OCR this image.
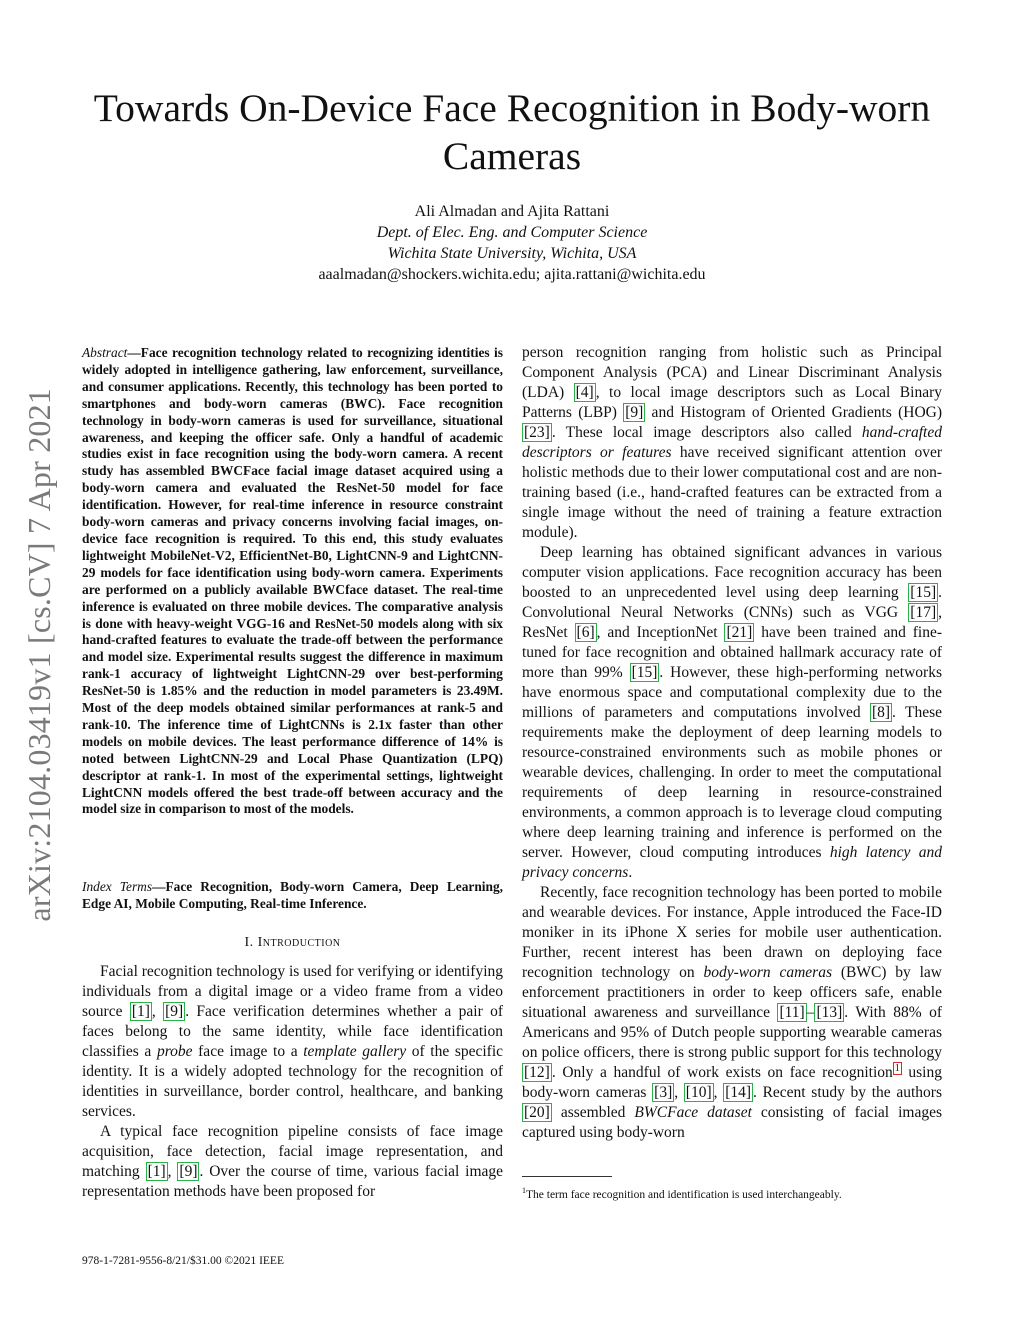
arXiv:2104.03419v1 [cs.CV] 7 Apr 2021
Towards On-Device Face Recognition in Body-worn Cameras
Ali Almadan and Ajita Rattani
Dept. of Elec. Eng. and Computer Science
Wichita State University, Wichita, USA
aaalmadan@shockers.wichita.edu; ajita.rattani@wichita.edu
Abstract—Face recognition technology related to recognizing identities is widely adopted in intelligence gathering, law enforcement, surveillance, and consumer applications. Recently, this technology has been ported to smartphones and body-worn cameras (BWC). Face recognition technology in body-worn cameras is used for surveillance, situational awareness, and keeping the officer safe. Only a handful of academic studies exist in face recognition using the body-worn camera. A recent study has assembled BWCFace facial image dataset acquired using a body-worn camera and evaluated the ResNet-50 model for face identification. However, for real-time inference in resource constraint body-worn cameras and privacy concerns involving facial images, on-device face recognition is required. To this end, this study evaluates lightweight MobileNet-V2, EfficientNet-B0, LightCNN-9 and LightCNN-29 models for face identification using body-worn camera. Experiments are performed on a publicly available BWCface dataset. The real-time inference is evaluated on three mobile devices. The comparative analysis is done with heavy-weight VGG-16 and ResNet-50 models along with six hand-crafted features to evaluate the trade-off between the performance and model size. Experimental results suggest the difference in maximum rank-1 accuracy of lightweight LightCNN-29 over best-performing ResNet-50 is 1.85% and the reduction in model parameters is 23.49M. Most of the deep models obtained similar performances at rank-5 and rank-10. The inference time of LightCNNs is 2.1x faster than other models on mobile devices. The least performance difference of 14% is noted between LightCNN-29 and Local Phase Quantization (LPQ) descriptor at rank-1. In most of the experimental settings, lightweight LightCNN models offered the best trade-off between accuracy and the model size in comparison to most of the models.
Index Terms—Face Recognition, Body-worn Camera, Deep Learning, Edge AI, Mobile Computing, Real-time Inference.
I. Introduction

Facial recognition technology is used for verifying or identifying individuals from a digital image or a video frame from a video source [1] , [9] . Face verification determines whether a pair of faces belong to the same identity, while face identification classifies a probe face image to a template gallery of the specific identity. It is a widely adopted technology for the recognition of identities in surveillance, border control, healthcare, and banking services.

A typical face recognition pipeline consists of face image acquisition, face detection, facial image representation, and matching [1] , [9] . Over the course of time, various facial image representation methods have been proposed for

person recognition ranging from holistic such as Principal Component Analysis (PCA) and Linear Discriminant Analysis (LDA) [4] , to local image descriptors such as Local Binary Patterns (LBP) [9] and Histogram of Oriented Gradients (HOG) [23] . These local image descriptors also called hand-crafted descriptors or features have received significant attention over holistic methods due to their lower computational cost and are non-training based (i.e., hand-crafted features can be extracted from a single image without the need of training a feature extraction module).

Deep learning has obtained significant advances in various computer vision applications. Face recognition accuracy has been boosted to an unprecedented level using deep learning [15] . Convolutional Neural Networks (CNNs) such as VGG [17] , ResNet [6] , and InceptionNet [21] have been trained and fine-tuned for face recognition and obtained hallmark accuracy rate of more than 99% [15] . However, these high-performing networks have enormous space and computational complexity due to the millions of parameters and computations involved [8] . These requirements make the deployment of deep learning models to resource-constrained environments such as mobile phones or wearable devices, challenging. In order to meet the computational requirements of deep learning in resource-constrained environments, a common approach is to leverage cloud computing where deep learning training and inference is performed on the server. However, cloud computing introduces high latency and privacy concerns.

Recently, face recognition technology has been ported to mobile and wearable devices. For instance, Apple introduced the Face-ID moniker in its iPhone X series for mobile user authentication. Further, recent interest has been drawn on deploying face recognition technology on body-worn cameras (BWC) by law enforcement practitioners in order to keep officers safe, enable situational awareness and surveillance [11] – [13] . With 88% of Americans and 95% of Dutch people supporting wearable cameras on police officers, there is strong public support for this technology [12] . Only a handful of work exists on face recognition $^1$ using body-worn cameras [3] , [10] , [14] . Recent study by the authors [20] assembled BWCFace dataset consisting of facial images captured using body-worn

$^1$The term face recognition and identification is used interchangeably.
978-1-7281-9556-8/21/$31.00 ©2021 IEEE
